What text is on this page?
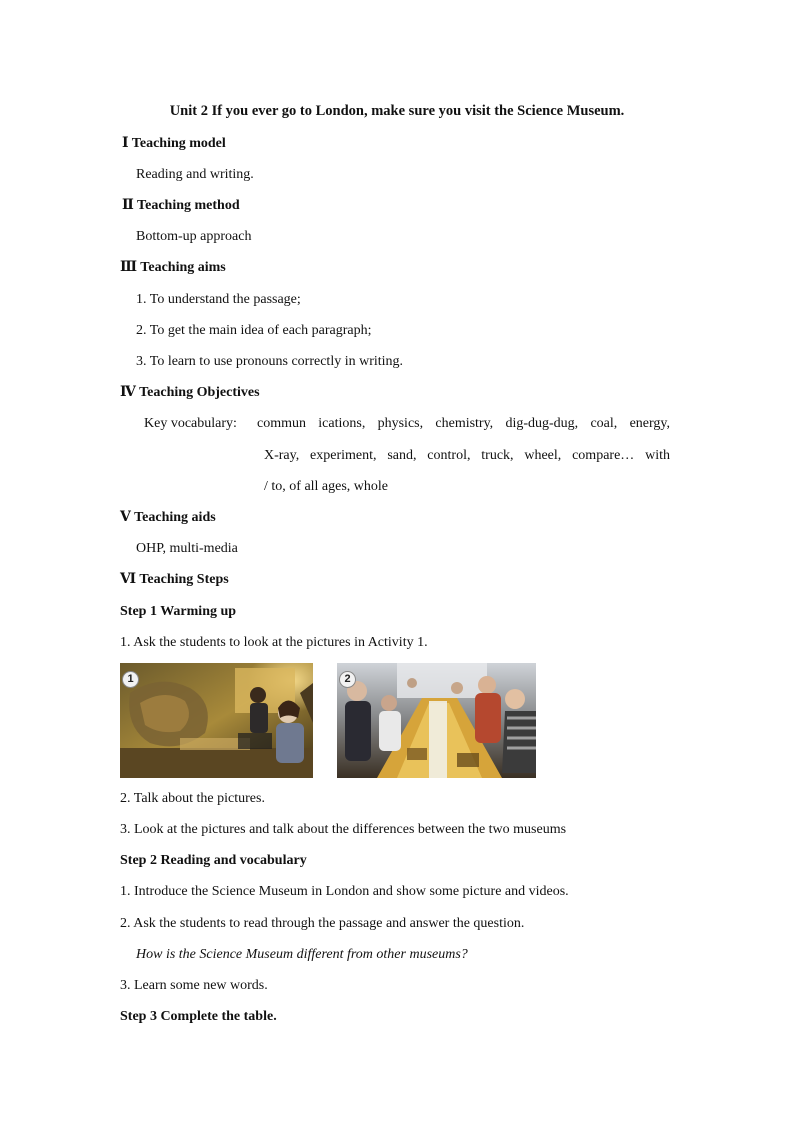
Unit 2 If you ever go to London, make sure you visit the Science Museum.
Ⅰ Teaching model
Reading and writing.
Ⅱ Teaching method
Bottom-up approach
Ⅲ Teaching aims
1. To understand the passage;
2. To get the main idea of each paragraph;
3. To learn to use pronouns correctly in writing.
Ⅳ Teaching Objectives
Key vocabulary: commun ications, physics, chemistry, dig-dug-dug, coal, energy,
X-ray, experiment, sand, control, truck, wheel, compare… with
/ to, of all ages, whole
Ⅴ Teaching aids
OHP, multi-media
Ⅵ Teaching Steps
Step 1 Warming up
1. Ask the students to look at the pictures in Activity 1.
1	2
2. Talk about the pictures.
3. Look at the pictures and talk about the differences between the two museums
Step 2 Reading and vocabulary
1. Introduce the Science Museum in London and show some picture and videos.
2. Ask the students to read through the passage and answer the question.
How is the Science Museum different from other museums?
3. Learn some new words.
Step 3 Complete the table.
